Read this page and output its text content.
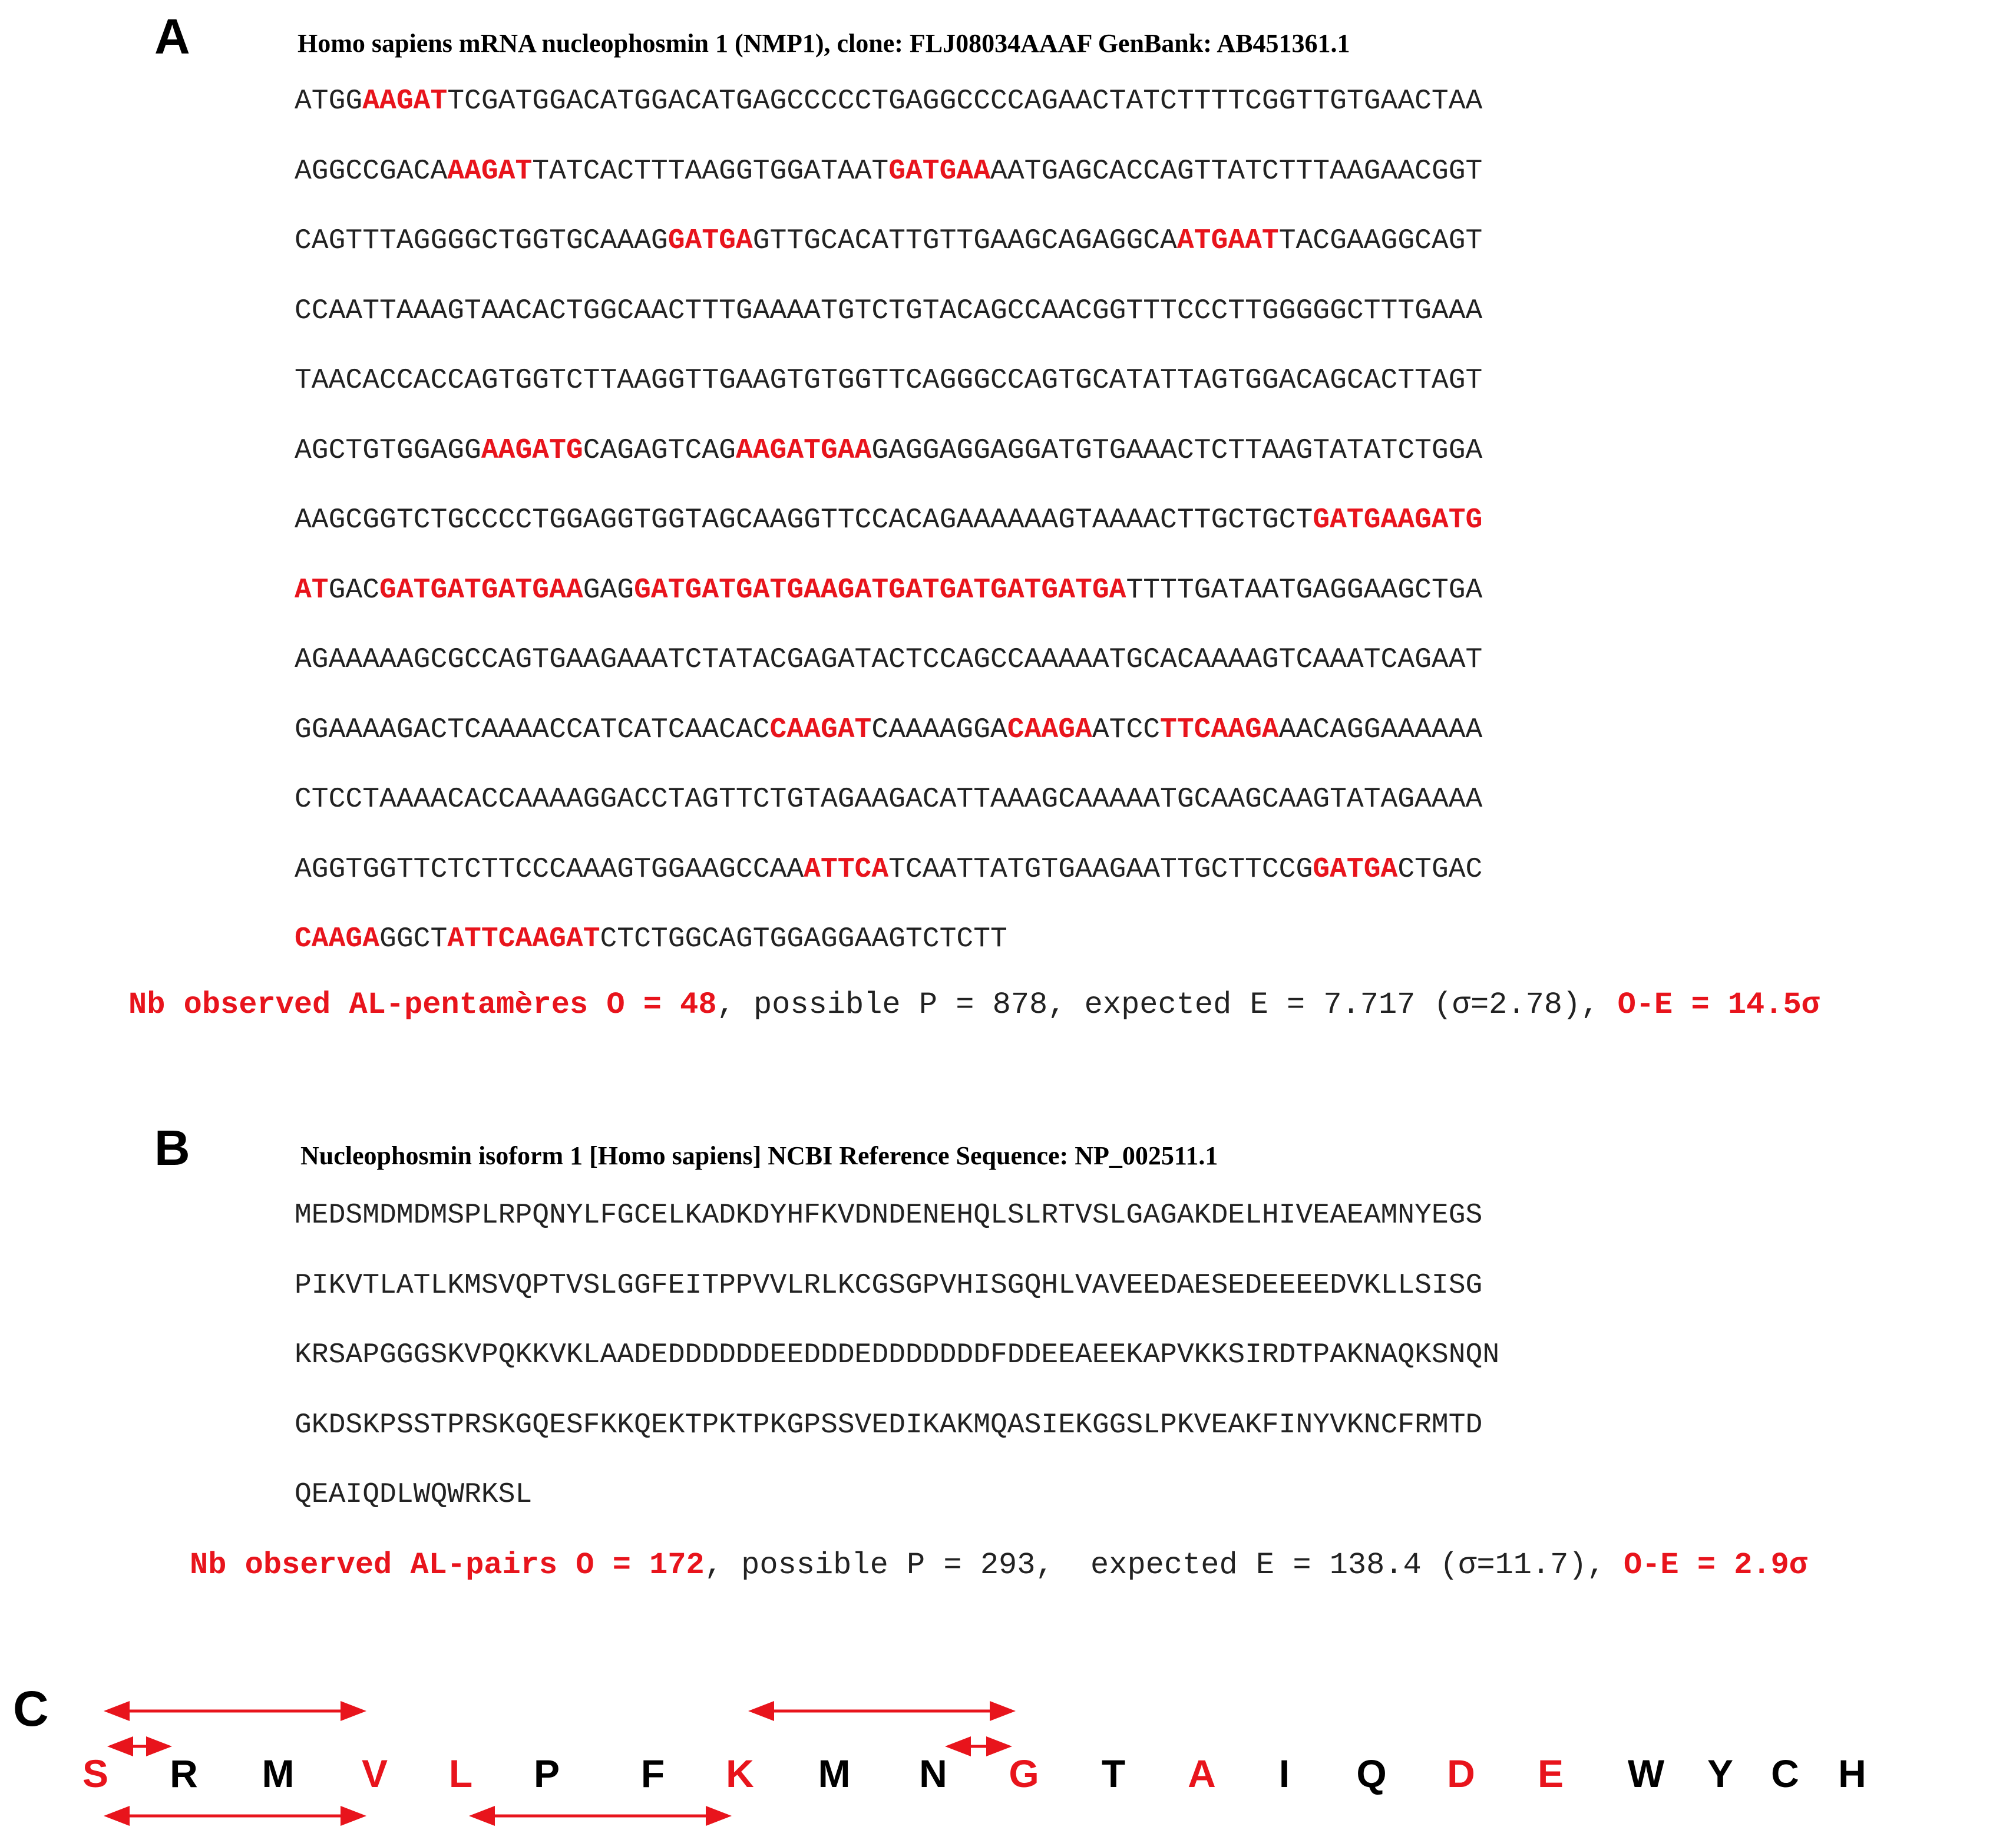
A	Homo sapiens mRNA nucleophosmin 1 (NMP1), clone: FLJ08034AAAF GenBank: AB451361.1
ATGGAAGATTCGATGGACATGGACATGAGCCCCCTGAGGCCCCAGAACTATCTTTTCGGTTGTGAACTAA
AGGCCGACAAAGATTATCACTTTAAGGTGGATAATGATGAAAATGAGCACCAGTTATCTTTAAGAACGGT
CAGTTTAGGGGCTGGTGCAAAGGATGAGTTGCACATTGTTGAAGCAGAGGCAATGAATTACGAAGGCAGT
CCAATTAAAGTAACACTGGCAACTTTGAAAATGTCTGTACAGCCAACGGTTTCCCTTGGGGGCTTTGAAA
TAACACCACCAGTGGTCTTAAGGTTGAAGTGTGGTTCAGGGCCAGTGCATATTAGTGGACAGCACTTAGT
AGCTGTGGAGGAAGATGCAGAGTCAGAAGATGAAGAGGAGGAGGATGTGAAACTCTTAAGTATATCTGGA
AAGCGGTCTGCCCCTGGAGGTGGTAGCAAGGTTCCACAGAAAAAAGTAAAACTTGCTGCTGATGAAGATG
ATGACGATGATGATGAAGAGGATGATGATGAAGATGATGATGATGATGATTTTGATAATGAGGAAGCTGA
AGAAAAAGCGCCAGTGAAGAAATCTATACGAGATACTCCAGCCAAAAATGCACAAAAGTCAAATCAGAAT
GGAAAAGACTCAAAACCATCATCAACACCAAGATCAAAAGGACAAGAATCCTTCAAGAAACAGGAAAAAA
CTCCTAAAACACCAAAAGGACCTAGTTCTGTAGAAGACATTAAAGCAAAAATGCAAGCAAGTATAGAAAA
AGGTGGTTCTCTTCCCAAAGTGGAAGCCAAATTCATCAATTATGTGAAGAATTGCTTCCGGATGACTGAC
CAAGAGGCTATTCAAGATCTCTGGCAGTGGAGGAAGTCTCTT
Nb observed AL-pentamères O = 48, possible P = 878, expected E = 7.717 (σ=2.78), O-E = 14.5σ
B	Nucleophosmin isoform 1 [Homo sapiens] NCBI Reference Sequence: NP_002511.1
MEDSMDMDMSPLRPQNYLFGCELKADKDYHFKVDNDENEHQLSLRTVSLGAGAKDELHIVEAEAMNYEGS
PIKVTLATLKMSVQPTVSLGGFEITPPVVLRLKCGSGPVHISGQHLVAVEEDAESEDEEEEDVKLLSISG
KRSAPGGGSKVPQKKVKLAADEDDDDDDEEDDDEDDDDDDDFDDEEAEEKAPVKKSIRDTPAKNAQKSNQN
GKDSKPSSTPRSKGQESFKKQEKTPKTPKGPSSVEDIKAKMQASIEKGGSLPKVEAKFINYVKNCFRMTD
QEAIQDLWQWRKSL
Nb observed AL-pairs O = 172, possible P = 293,  expected E = 138.4 (σ=11.7), O-E = 2.9σ
C
S R M V L P F K M N G T A I Q D E W Y C H
